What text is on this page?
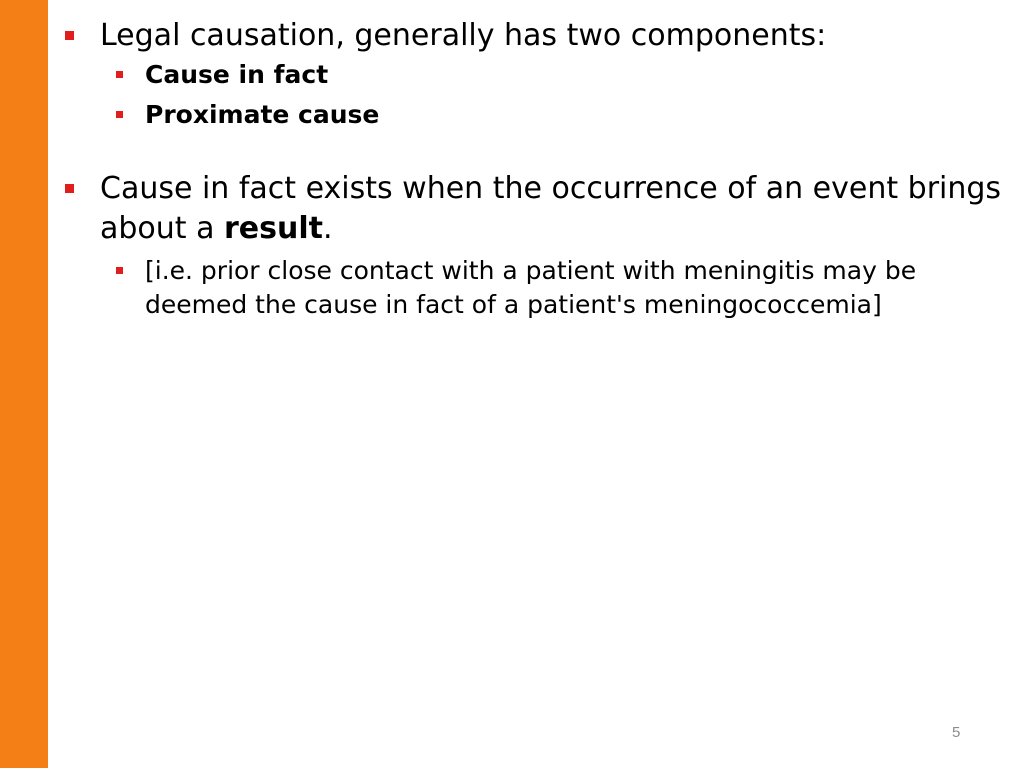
Legal causation, generally has two components:
Cause in fact
Proximate cause
Cause in fact exists when the occurrence of an event brings about a result.
[i.e. prior close contact with a patient with meningitis may be deemed the cause in fact of a patient's meningococcemia]
5
